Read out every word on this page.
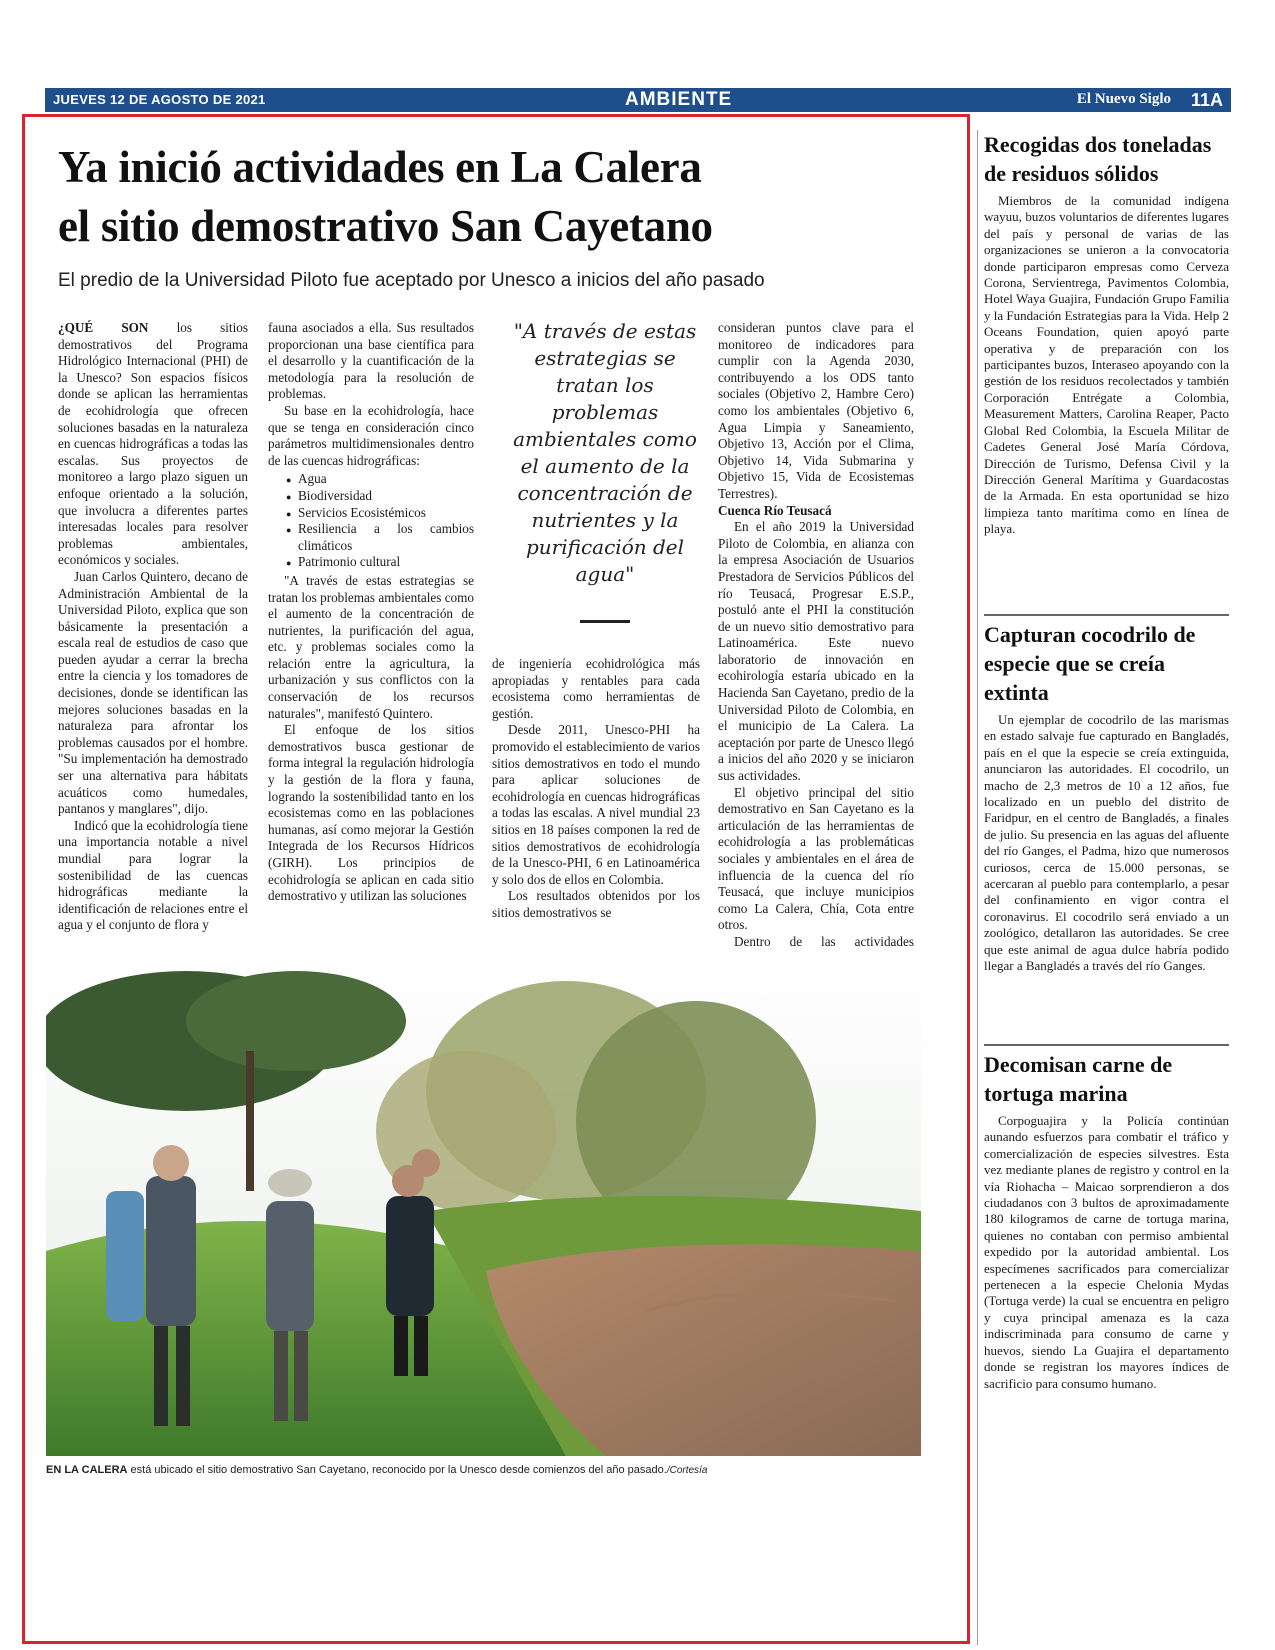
JUEVES 12 DE AGOSTO DE 2021	AMBIENTE	El Nuevo Siglo 11A
Ya inició actividades en La Calera
el sitio demostrativo San Cayetano
El predio de la Universidad Piloto fue aceptado por Unesco a inicios del año pasado

¿QUÉ SON los sitios demostrativos del Programa Hidrológico Internacional (PHI) de la Unesco? Son espacios físicos donde se aplican las herramientas de ecohidrología que ofrecen soluciones basadas en la naturaleza en cuencas hidrográficas a todas las escalas. Sus proyectos de monitoreo a largo plazo siguen un enfoque orientado a la solución, que involucra a diferentes partes interesadas locales para resolver problemas ambientales, económicos y sociales.

Juan Carlos Quintero, decano de Administración Ambiental de la Universidad Piloto, explica que son básicamente la presentación a escala real de estudios de caso que pueden ayudar a cerrar la brecha entre la ciencia y los tomadores de decisiones, donde se identifican las mejores soluciones basadas en la naturaleza para afrontar los problemas causados por el hombre. "Su implementación ha demostrado ser una alternativa para hábitats acuáticos como humedales, pantanos y manglares", dijo.

Indicó que la ecohidrología tiene una importancia notable a nivel mundial para lograr la sostenibilidad de las cuencas hidrográficas mediante la identificación de relaciones entre el agua y el conjunto de flora y

fauna asociados a ella. Sus resultados proporcionan una base científica para el desarrollo y la cuantificación de la metodología para la resolución de problemas.

Su base en la ecohidrología, hace que se tenga en consideración cinco parámetros multidimensionales dentro de las cuencas hidrográficas:

● Agua
● Biodiversidad
● Servicios Ecosistémicos
● Resiliencia a los cambios climáticos
● Patrimonio cultural

"A través de estas estrategias se tratan los problemas ambientales como el aumento de la concentración de nutrientes, la purificación del agua, etc. y problemas sociales como la relación entre la agricultura, la urbanización y sus conflictos con la conservación de los recursos naturales", manifestó Quintero.

El enfoque de los sitios demostrativos busca gestionar de forma integral la regulación hidrología y la gestión de la flora y fauna, logrando la sostenibilidad tanto en los ecosistemas como en las poblaciones humanas, así como mejorar la Gestión Integrada de los Recursos Hídricos (GIRH). Los principios de ecohidrología se aplican en cada sitio demostrativo y utilizan las soluciones

"A través de estas estrategias se tratan los problemas ambientales como el aumento de la concentración de nutrientes y la purificación del agua"

de ingeniería ecohidrológica más apropiadas y rentables para cada ecosistema como herramientas de gestión.

Desde 2011, Unesco-PHI ha promovido el establecimiento de varios sitios demostrativos en todo el mundo para aplicar soluciones de ecohidrología en cuencas hidrográficas a todas las escalas. A nivel mundial 23 sitios en 18 países componen la red de sitios demostrativos de ecohidrología de la Unesco-PHI, 6 en Latinoamérica y solo dos de ellos en Colombia.

Los resultados obtenidos por los sitios demostrativos se

consideran puntos clave para el monitoreo de indicadores para cumplir con la Agenda 2030, contribuyendo a los ODS tanto sociales (Objetivo 2, Hambre Cero) como los ambientales (Objetivo 6, Agua Limpia y Saneamiento, Objetivo 13, Acción por el Clima, Objetivo 14, Vida Submarina y Objetivo 15, Vida de Ecosistemas Terrestres).

Cuenca Río Teusacá

En el año 2019 la Universidad Piloto de Colombia, en alianza con la empresa Asociación de Usuarios Prestadora de Servicios Públicos del río Teusacá, Progresar E.S.P., postuló ante el PHI la constitución de un nuevo sitio demostrativo para Latinoamérica. Este nuevo laboratorio de innovación en ecohirología estaría ubicado en la Hacienda San Cayetano, predio de la Universidad Piloto de Colombia, en el municipio de La Calera. La aceptación por parte de Unesco llegó a inicios del año 2020 y se iniciaron sus actividades.

El objetivo principal del sitio demostrativo en San Cayetano es la articulación de las herramientas de ecohidrología a las problemáticas sociales y ambientales en el área de influencia de la cuenca del río Teusacá, que incluye municipios como La Calera, Chía, Cota entre otros.

Dentro de las actividades

EN LA CALERA está ubicado el sitio demostrativo San Cayetano, reconocido por la Unesco desde comienzos del año pasado./Cortesía
Recogidas dos toneladas de residuos sólidos

Miembros de la comunidad indígena wayuu, buzos voluntarios de diferentes lugares del país y personal de varias de las organizaciones se unieron a la convocatoria donde participaron empresas como Cerveza Corona, Servientrega, Pavimentos Colombia, Hotel Waya Guajira, Fundación Grupo Familia y la Fundación Estrategias para la Vida. Help 2 Oceans Foundation, quien apoyó parte operativa y de preparación con los participantes buzos, Interaseo apoyando con la gestión de los residuos recolectados y también Corporación Entrégate a Colombia, Measurement Matters, Carolina Reaper, Pacto Global Red Colombia, la Escuela Militar de Cadetes General José María Córdova, Dirección de Turismo, Defensa Civil y la Dirección General Marítima y Guardacostas de la Armada. En esta oportunidad se hizo limpieza tanto marítima como en línea de playa.

Capturan cocodrilo de especie que se creía extinta

Un ejemplar de cocodrilo de las marismas en estado salvaje fue capturado en Bangladés, país en el que la especie se creía extinguida, anunciaron las autoridades. El cocodrilo, un macho de 2,3 metros de 10 a 12 años, fue localizado en un pueblo del distrito de Faridpur, en el centro de Bangladés, a finales de julio. Su presencia en las aguas del afluente del río Ganges, el Padma, hizo que numerosos curiosos, cerca de 15.000 personas, se acercaran al pueblo para contemplarlo, a pesar del confinamiento en vigor contra el coronavirus. El cocodrilo será enviado a un zoológico, detallaron las autoridades. Se cree que este animal de agua dulce habría podido llegar a Bangladés a través del río Ganges.

Decomisan carne de tortuga marina

Corpoguajira y la Policía continúan aunando esfuerzos para combatir el tráfico y comercialización de especies silvestres. Esta vez mediante planes de registro y control en la vía Riohacha – Maicao sorprendieron a dos ciudadanos con 3 bultos de aproximadamente 180 kilogramos de carne de tortuga marina, quienes no contaban con permiso ambiental expedido por la autoridad ambiental. Los especímenes sacrificados para comercializar pertenecen a la especie Chelonia Mydas (Tortuga verde) la cual se encuentra en peligro y cuya principal amenaza es la caza indiscriminada para consumo de carne y huevos, siendo La Guajira el departamento donde se registran los mayores índices de sacrificio para consumo humano.
